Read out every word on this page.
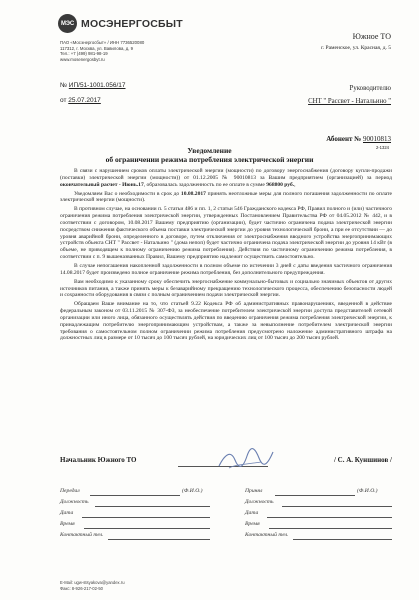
МЭС МОСЭНЕРГОСБЫТ
ПАО «Мосэнергосбыт» / ИНН 7736520080
117312, г. Москва, ул. Вавилова, д. 9
Тел.: +7 (499) 981-98-19
www.mosenergosbyt.ru
№ ИП/51-1001.056/17
от 25.07.2017
Южное ТО
г. Раменское, ул. Красная, д. 5
Руководителю
СНТ " Рассвет - Натальино "
Абонент № 90010813
2-1324
Уведомление
об ограничении режима потребления электрической энергии

В связи с нарушением сроков оплаты электрической энергии (мощности) по договору энергоснабжения (договору купли-продажи (поставки) электрической энергии (мощности)) от 01.12.2005 № 90010813 за Вашим предприятием (организацией) за период окончательный расчет - Июнь.17, образовалась задолженность по ее оплате в сумме 968800 руб.,

Уведомляем Вас о необходимости в срок до 10.08.2017 принять неотложные меры для полного погашения задолженности по оплате электрической энергии (мощности).

В противном случае, на основании п. 5 статьи 486 и пп. 1, 2 статьи 546 Гражданского кодекса РФ, Правил полного и (или) частичного ограничения режима потребления электрической энергии, утвержденных Постановлением Правительства РФ от 04.05.2012 № 442, и в соответствии с договором, 10.08.2017 Вашему предприятию (организации), будет частично ограничена подача электрической энергии посредством снижения фактического объема поставки электрической энергии до уровня технологической брони, а при ее отсутствии — до уровня аварийной брони, определенного в договоре, путем отключения от электроснабжения вводного устройства энергопринимающих устройств объекта СНТ " Рассвет - Натальино " (дома непоп) будет частично ограничена подача электрической энергии до уровня 14 кВт (в объеме, не приводящем к полному ограничению режима потребления). Действия по частичному ограничению режима потребления, в соответствии с п. 9 вышеназванных Правил, Вашему предприятию надлежит осуществить самостоятельно.

В случае непогашения накопленной задолженности в полном объеме по истечении 3 дней с даты введения частичного ограничения 14.08.2017 будет произведено полное ограничение режима потребления, без дополнительного предупреждения.

Вам необходимо к указанному сроку обеспечить энергоснабжение коммунально-бытовых и социально значимых объектов от других источников питания, а также принять меры к безаварийному прекращению технологического процесса, обеспечению безопасности людей и сохранности оборудования в связи с полным ограничением подачи электрической энергии.

Обращаем Ваше внимание на то, что статьей 9.22 Кодекса РФ об административных правонарушениях, введенной в действие федеральным законом от 03.11.2015 № 307-ФЗ, за необеспечение потребителем электрической энергии доступа представителей сетевой организации или иного лица, обязанного осуществлять действия по введению ограничения режима потребления электрической энергии, к принадлежащим потребителю энергопринимающим устройствам, а также за невыполнение потребителем электрической энергии требования о самостоятельном полном ограничении режима потребления предусмотрено наложение административного штрафа на должностных лиц в размере от 10 тысяч до 100 тысяч рублей, на юридических лиц от 100 тысяч до 200 тысяч рублей.

Начальник Южного ТО	/ С. А. Куншинов /
Передал	(Ф.И.О.)	Принял	(Ф.И.О.)
Должность	Должность
Дата	Дата
Время	Время
Контактный тел.	Контактный тел.
E-Mail: ugw-stsyakova@yandex.ru
Факс: 8-926-217-02-50
